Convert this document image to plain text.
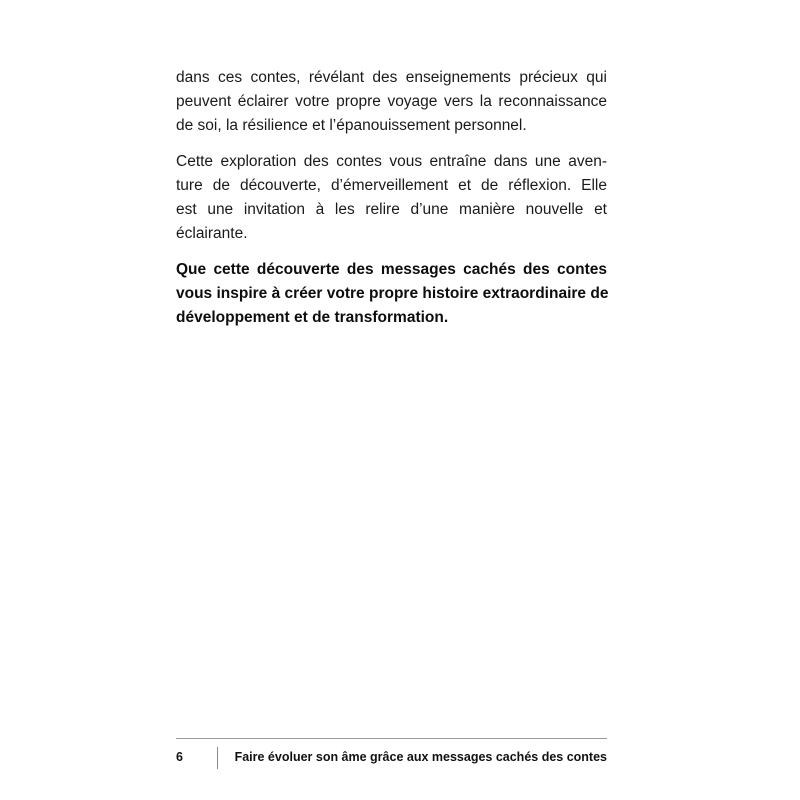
dans ces contes, révélant des enseignements précieux qui
peuvent éclairer votre propre voyage vers la reconnaissance
de soi, la résilience et l’épanouissement personnel.

Cette exploration des contes vous entraîne dans une aven-
ture de découverte, d’émerveillement et de réflexion. Elle
est une invitation à les relire d’une manière nouvelle et
éclairante.

Que cette découverte des messages cachés des contes
vous inspire à créer votre propre histoire extraordinaire de
développement et de transformation.

6	Faire évoluer son âme grâce aux messages cachés des contes
